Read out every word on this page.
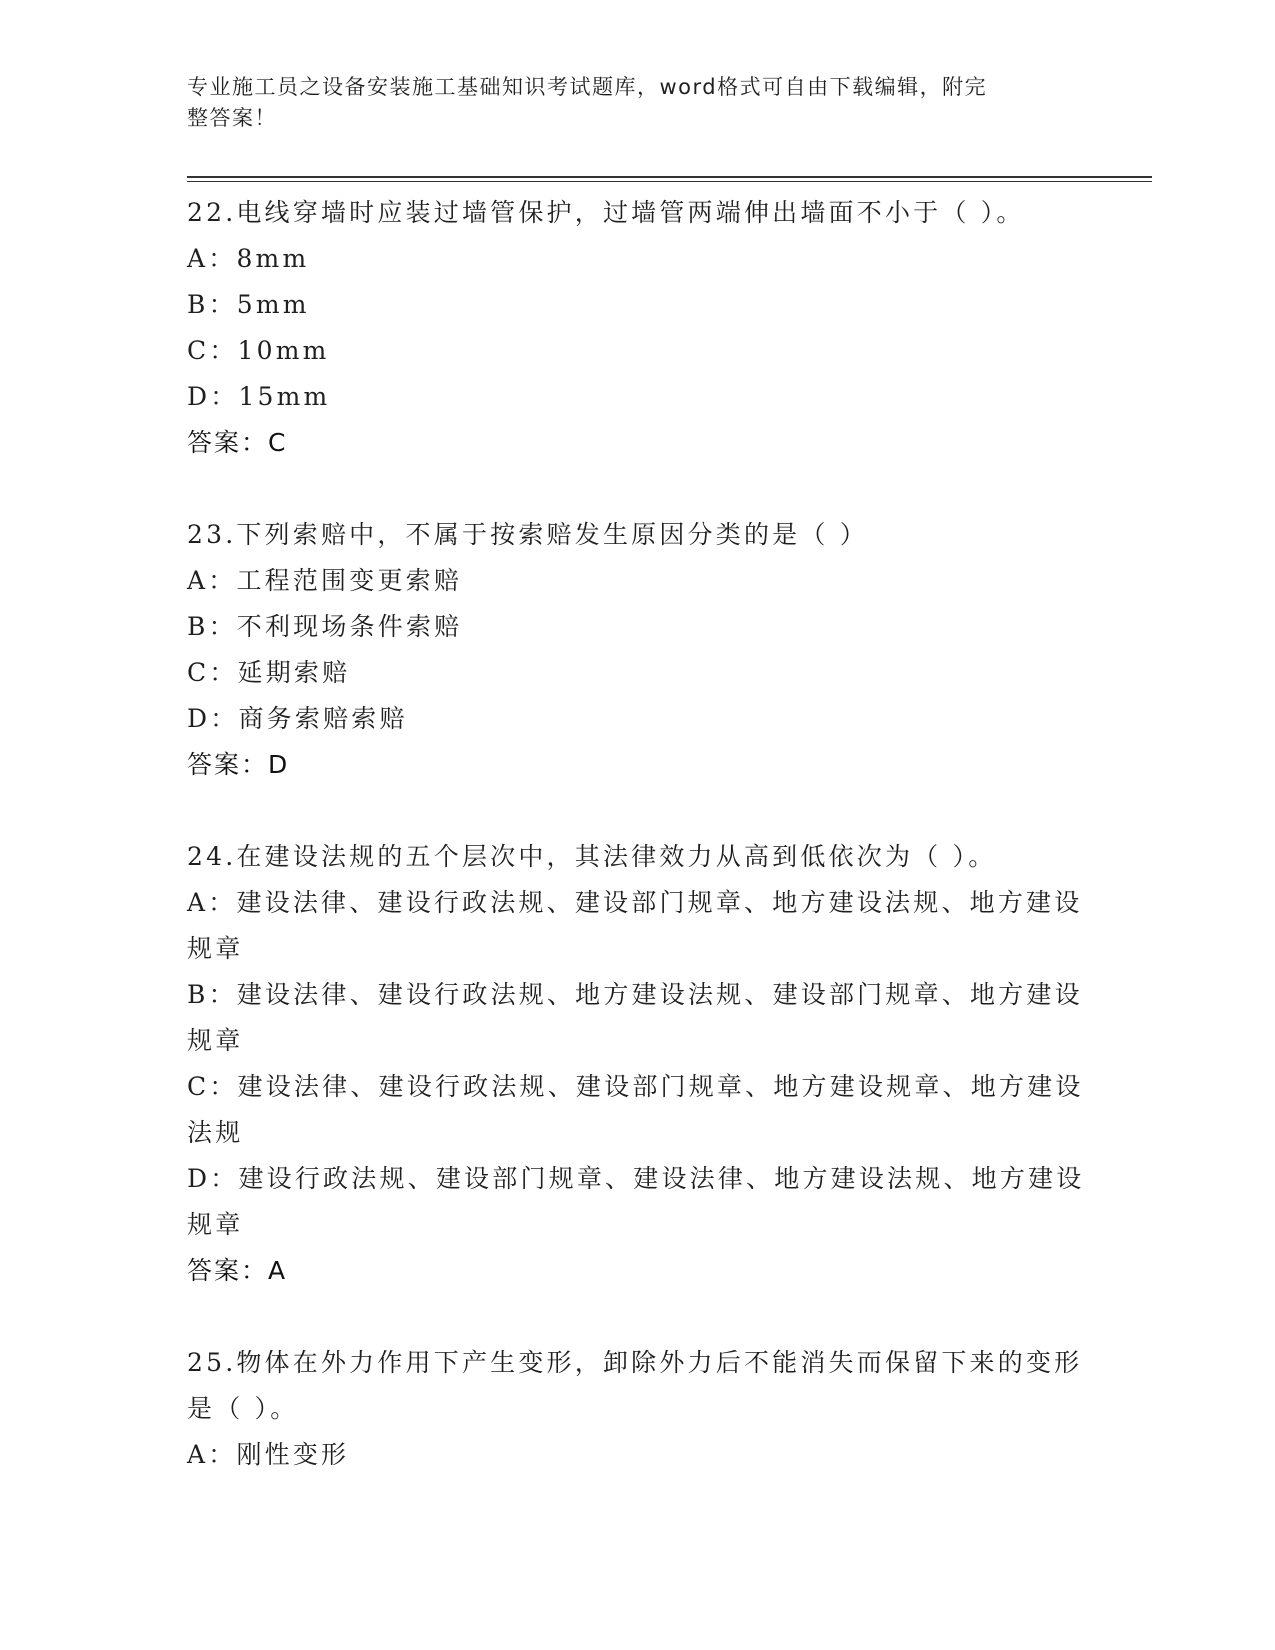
专业施工员之设备安装施工基础知识考试题库，word格式可自由下载编辑，附完
整答案！

22.电线穿墙时应装过墙管保护，过墙管两端伸出墙面不小于（ ）。

A：8mm

B：5mm

C：10mm

D：15mm

答案：C

23.下列索赔中，不属于按索赔发生原因分类的是（ ）

A：工程范围变更索赔

B：不利现场条件索赔

C：延期索赔

D：商务索赔索赔

答案：D

24.在建设法规的五个层次中，其法律效力从高到低依次为（ ）。

A：建设法律、建设行政法规、建设部门规章、地方建设法规、地方建设规章

B：建设法律、建设行政法规、地方建设法规、建设部门规章、地方建设规章

C：建设法律、建设行政法规、建设部门规章、地方建设规章、地方建设法规

D：建设行政法规、建设部门规章、建设法律、地方建设法规、地方建设规章

答案：A

25.物体在外力作用下产生变形，卸除外力后不能消失而保留下来的变形是（ ）。

A：刚性变形
